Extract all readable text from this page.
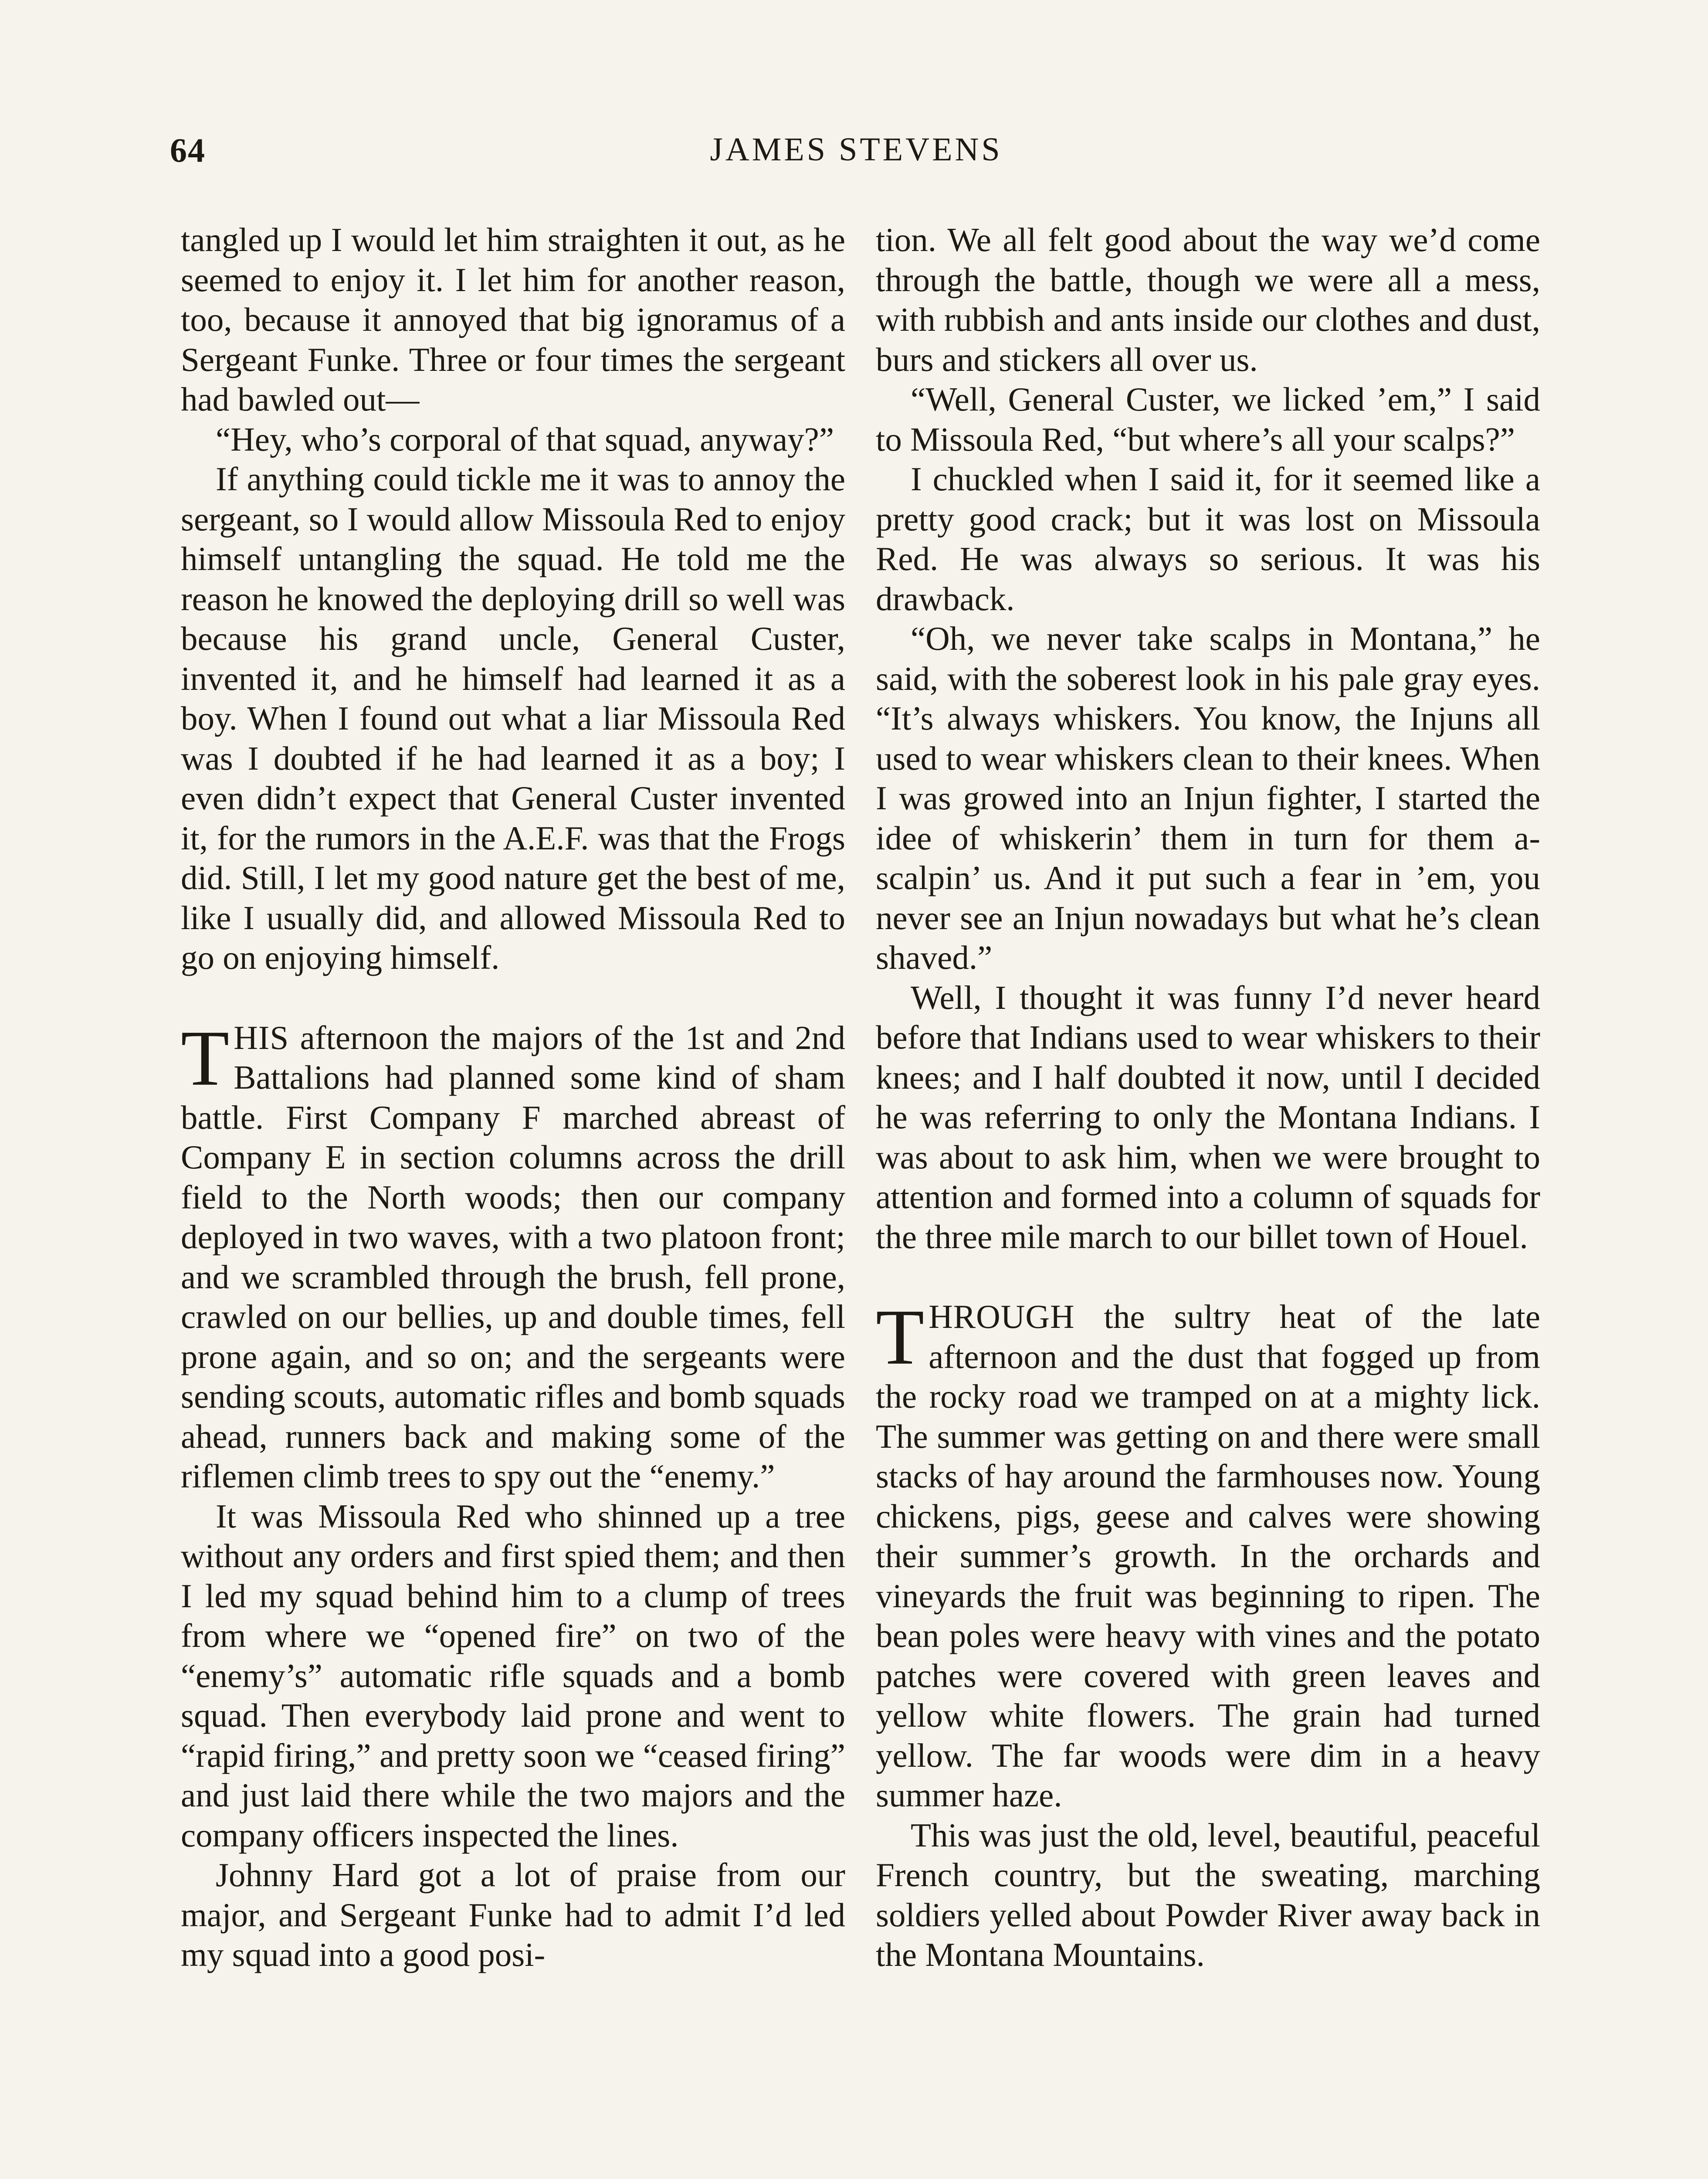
64	JAMES STEVENS

tangled up I would let him straighten it out, as he seemed to enjoy it. I let him for another reason, too, because it annoyed that big ignoramus of a Sergeant Funke. Three or four times the sergeant had bawled out—

“Hey, who’s corporal of that squad, anyway?”

If anything could tickle me it was to annoy the sergeant, so I would allow Missoula Red to enjoy himself untangling the squad. He told me the reason he knowed the deploying drill so well was because his grand uncle, General Custer, invented it, and he himself had learned it as a boy. When I found out what a liar Missoula Red was I doubted if he had learned it as a boy; I even didn’t expect that General Custer invented it, for the rumors in the A.E.F. was that the Frogs did. Still, I let my good nature get the best of me, like I usually did, and allowed Missoula Red to go on enjoying himself.

THIS afternoon the majors of the 1st and 2nd Battalions had planned some kind of sham battle. First Company F marched abreast of Company E in section columns across the drill field to the North woods; then our company deployed in two waves, with a two platoon front; and we scrambled through the brush, fell prone, crawled on our bellies, up and double times, fell prone again, and so on; and the sergeants were sending scouts, automatic rifles and bomb squads ahead, runners back and making some of the riflemen climb trees to spy out the “enemy.”

It was Missoula Red who shinned up a tree without any orders and first spied them; and then I led my squad behind him to a clump of trees from where we “opened fire” on two of the “enemy’s” automatic rifle squads and a bomb squad. Then everybody laid prone and went to “rapid firing,” and pretty soon we “ceased firing” and just laid there while the two majors and the company officers inspected the lines.

Johnny Hard got a lot of praise from our major, and Sergeant Funke had to admit I’d led my squad into a good posi-

tion. We all felt good about the way we’d come through the battle, though we were all a mess, with rubbish and ants inside our clothes and dust, burs and stickers all over us.

“Well, General Custer, we licked ’em,” I said to Missoula Red, “but where’s all your scalps?”

I chuckled when I said it, for it seemed like a pretty good crack; but it was lost on Missoula Red. He was always so serious. It was his drawback.

“Oh, we never take scalps in Montana,” he said, with the soberest look in his pale gray eyes. “It’s always whiskers. You know, the Injuns all used to wear whiskers clean to their knees. When I was growed into an Injun fighter, I started the idee of whiskerin’ them in turn for them a-scalpin’ us. And it put such a fear in ’em, you never see an Injun nowadays but what he’s clean shaved.”

Well, I thought it was funny I’d never heard before that Indians used to wear whiskers to their knees; and I half doubted it now, until I decided he was referring to only the Montana Indians. I was about to ask him, when we were brought to attention and formed into a column of squads for the three mile march to our billet town of Houel.

THROUGH the sultry heat of the late afternoon and the dust that fogged up from the rocky road we tramped on at a mighty lick. The summer was getting on and there were small stacks of hay around the farmhouses now. Young chickens, pigs, geese and calves were showing their summer’s growth. In the orchards and vineyards the fruit was beginning to ripen. The bean poles were heavy with vines and the potato patches were covered with green leaves and yellow white flowers. The grain had turned yellow. The far woods were dim in a heavy summer haze.

This was just the old, level, beautiful, peaceful French country, but the sweating, marching soldiers yelled about Powder River away back in the Montana Mountains.
